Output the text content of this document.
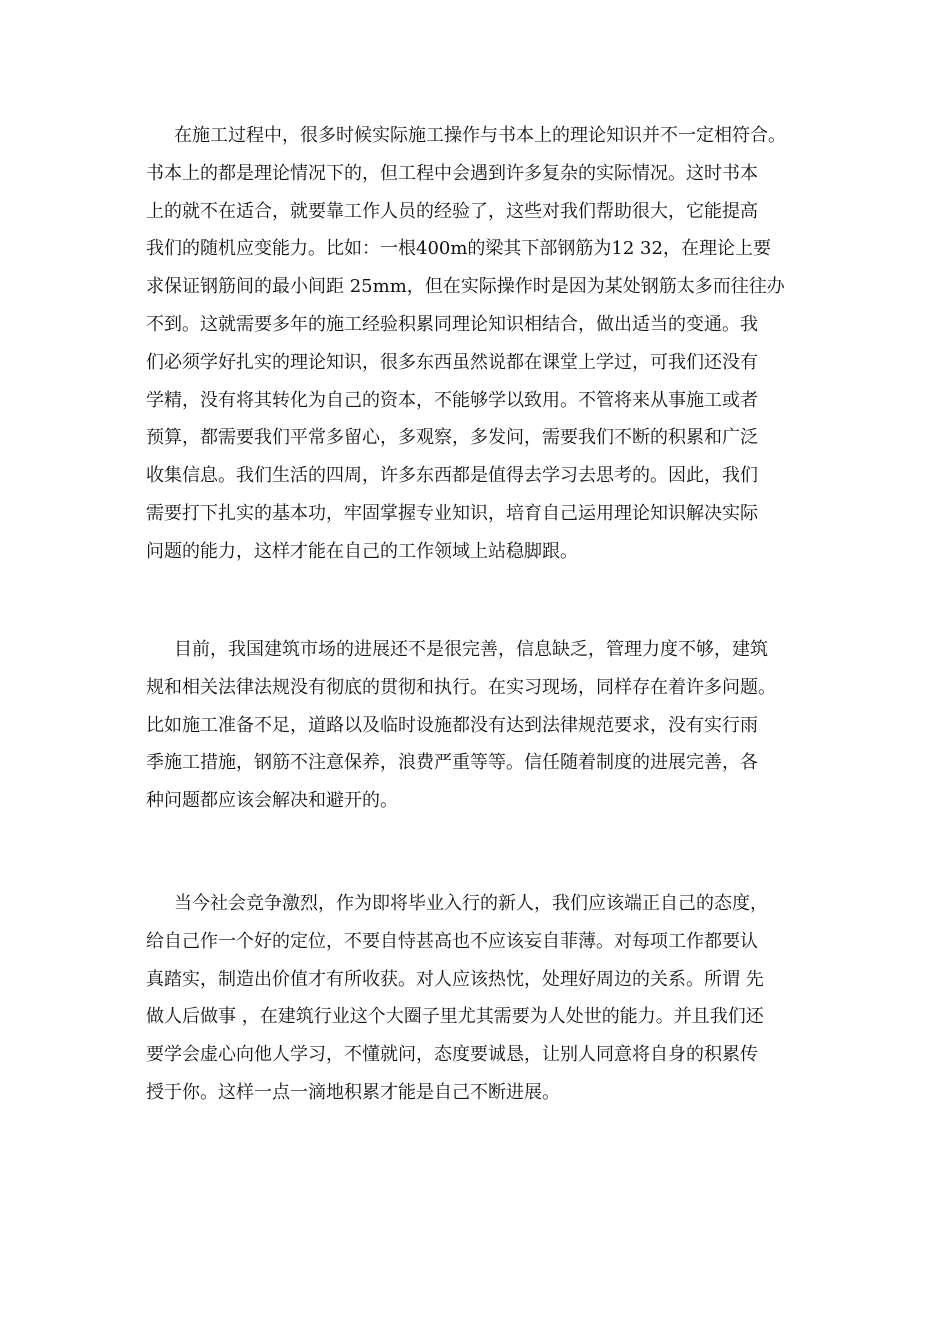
在施工过程中，很多时候实际施工操作与书本上的理论知识并不一定相符合。
书本上的都是理论情况下的，但工程中会遇到许多复杂的实际情况。这时书本
上的就不在适合，就要靠工作人员的经验了，这些对我们帮助很大，它能提高
我们的随机应变能力。比如：一根400m的梁其下部钢筋为12 32，在理论上要
求保证钢筋间的最小间距 25mm，但在实际操作时是因为某处钢筋太多而往往办
不到。这就需要多年的施工经验积累同理论知识相结合，做出适当的变通。我
们必须学好扎实的理论知识，很多东西虽然说都在课堂上学过，可我们还没有
学精，没有将其转化为自己的资本，不能够学以致用。不管将来从事施工或者
预算，都需要我们平常多留心，多观察，多发问，需要我们不断的积累和广泛
收集信息。我们生活的四周，许多东西都是值得去学习去思考的。因此，我们
需要打下扎实的基本功，牢固掌握专业知识，培育自己运用理论知识解决实际
问题的能力，这样才能在自己的工作领域上站稳脚跟。

目前，我国建筑市场的进展还不是很完善，信息缺乏，管理力度不够，建筑
规和相关法律法规没有彻底的贯彻和执行。在实习现场，同样存在着许多问题。
比如施工准备不足，道路以及临时设施都没有达到法律规范要求，没有实行雨
季施工措施，钢筋不注意保养，浪费严重等等。信任随着制度的进展完善，各
种问题都应该会解决和避开的。

当今社会竞争激烈，作为即将毕业入行的新人，我们应该端正自己的态度，
给自己作一个好的定位，不要自恃甚高也不应该妄自菲薄。对每项工作都要认
真踏实，制造出价值才有所收获。对人应该热忱，处理好周边的关系。所谓 先
做人后做事 ，在建筑行业这个大圈子里尤其需要为人处世的能力。并且我们还
要学会虚心向他人学习，不懂就问，态度要诚恳，让别人同意将自身的积累传
授于你。这样一点一滴地积累才能是自己不断进展。
